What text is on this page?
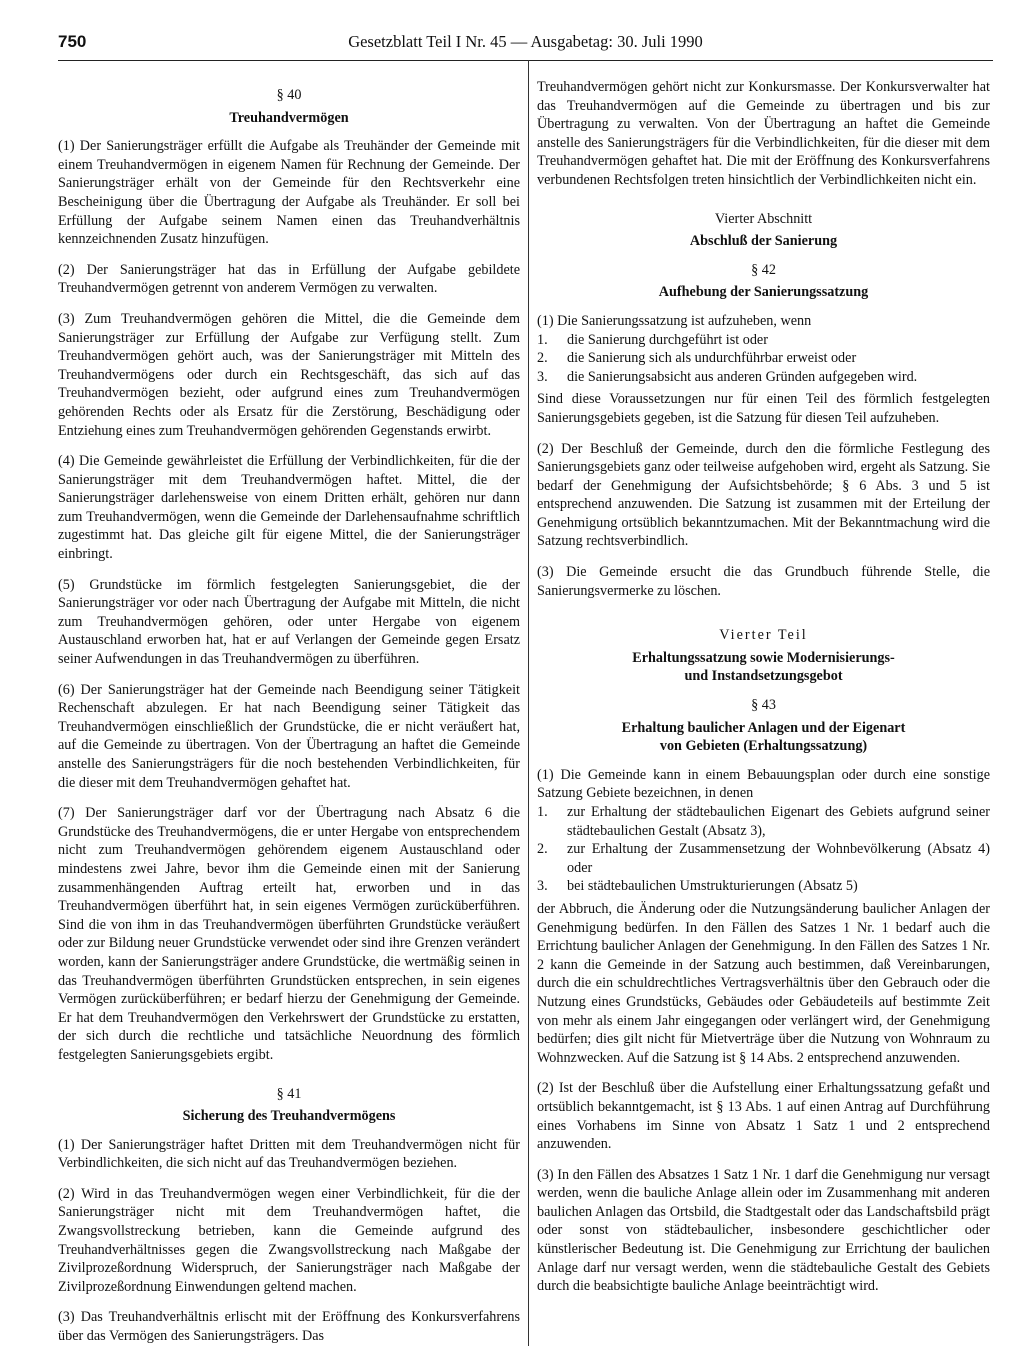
750	Gesetzblatt Teil I Nr. 45 — Ausgabetag: 30. Juli 1990

§ 40

Treuhandvermögen

(1) Der Sanierungsträger erfüllt die Aufgabe als Treuhänder der Gemeinde mit einem Treuhandvermögen in eigenem Namen für Rechnung der Gemeinde. Der Sanierungsträger erhält von der Gemeinde für den Rechtsverkehr eine Bescheinigung über die Übertragung der Aufgabe als Treuhänder. Er soll bei Erfüllung der Aufgabe seinem Namen einen das Treuhandverhältnis kennzeichnenden Zusatz hinzufügen.

(2) Der Sanierungsträger hat das in Erfüllung der Aufgabe gebildete Treuhandvermögen getrennt von anderem Vermögen zu verwalten.

(3) Zum Treuhandvermögen gehören die Mittel, die die Gemeinde dem Sanierungsträger zur Erfüllung der Aufgabe zur Verfügung stellt. Zum Treuhandvermögen gehört auch, was der Sanierungsträger mit Mitteln des Treuhandvermögens oder durch ein Rechtsgeschäft, das sich auf das Treuhandvermögen bezieht, oder aufgrund eines zum Treuhandvermögen gehörenden Rechts oder als Ersatz für die Zerstörung, Beschädigung oder Entziehung eines zum Treuhandvermögen gehörenden Gegenstands erwirbt.

(4) Die Gemeinde gewährleistet die Erfüllung der Verbindlichkeiten, für die der Sanierungsträger mit dem Treuhandvermögen haftet. Mittel, die der Sanierungsträger darlehensweise von einem Dritten erhält, gehören nur dann zum Treuhandvermögen, wenn die Gemeinde der Darlehensaufnahme schriftlich zugestimmt hat. Das gleiche gilt für eigene Mittel, die der Sanierungsträger einbringt.

(5) Grundstücke im förmlich festgelegten Sanierungsgebiet, die der Sanierungsträger vor oder nach Übertragung der Aufgabe mit Mitteln, die nicht zum Treuhandvermögen gehören, oder unter Hergabe von eigenem Austauschland erworben hat, hat er auf Verlangen der Gemeinde gegen Ersatz seiner Aufwendungen in das Treuhandvermögen zu überführen.

(6) Der Sanierungsträger hat der Gemeinde nach Beendigung seiner Tätigkeit Rechenschaft abzulegen. Er hat nach Beendigung seiner Tätigkeit das Treuhandvermögen einschließlich der Grundstücke, die er nicht veräußert hat, auf die Gemeinde zu übertragen. Von der Übertragung an haftet die Gemeinde anstelle des Sanierungsträgers für die noch bestehenden Verbindlichkeiten, für die dieser mit dem Treuhandvermögen gehaftet hat.

(7) Der Sanierungsträger darf vor der Übertragung nach Absatz 6 die Grundstücke des Treuhandvermögens, die er unter Hergabe von entsprechendem nicht zum Treuhandvermögen gehörendem eigenem Austauschland oder mindestens zwei Jahre, bevor ihm die Gemeinde einen mit der Sanierung zusammenhängenden Auftrag erteilt hat, erworben und in das Treuhandvermögen überführt hat, in sein eigenes Vermögen zurücküberführen. Sind die von ihm in das Treuhandvermögen überführten Grundstücke veräußert oder zur Bildung neuer Grundstücke verwendet oder sind ihre Grenzen verändert worden, kann der Sanierungsträger andere Grundstücke, die wertmäßig seinen in das Treuhandvermögen überführten Grundstücken entsprechen, in sein eigenes Vermögen zurücküberführen; er bedarf hierzu der Genehmigung der Gemeinde. Er hat dem Treuhandvermögen den Verkehrswert der Grundstücke zu erstatten, der sich durch die rechtliche und tatsächliche Neuordnung des förmlich festgelegten Sanierungsgebiets ergibt.

§ 41

Sicherung des Treuhandvermögens

(1) Der Sanierungsträger haftet Dritten mit dem Treuhandvermögen nicht für Verbindlichkeiten, die sich nicht auf das Treuhandvermögen beziehen.

(2) Wird in das Treuhandvermögen wegen einer Verbindlichkeit, für die der Sanierungsträger nicht mit dem Treuhandvermögen haftet, die Zwangsvollstreckung betrieben, kann die Gemeinde aufgrund des Treuhandverhältnisses gegen die Zwangsvollstreckung nach Maßgabe der Zivilprozeßordnung Widerspruch, der Sanierungsträger nach Maßgabe der Zivilprozeßordnung Einwendungen geltend machen.

(3) Das Treuhandverhältnis erlischt mit der Eröffnung des Konkursverfahrens über das Vermögen des Sanierungsträgers. Das

Treuhandvermögen gehört nicht zur Konkursmasse. Der Konkursverwalter hat das Treuhandvermögen auf die Gemeinde zu übertragen und bis zur Übertragung zu verwalten. Von der Übertragung an haftet die Gemeinde anstelle des Sanierungsträgers für die Verbindlichkeiten, für die dieser mit dem Treuhandvermögen gehaftet hat. Die mit der Eröffnung des Konkursverfahrens verbundenen Rechtsfolgen treten hinsichtlich der Verbindlichkeiten nicht ein.

Vierter Abschnitt

Abschluß der Sanierung

§ 42

Aufhebung der Sanierungssatzung

(1) Die Sanierungssatzung ist aufzuheben, wenn

1.	die Sanierung durchgeführt ist oder
2.	die Sanierung sich als undurchführbar erweist oder
3.	die Sanierungsabsicht aus anderen Gründen aufgegeben wird.

Sind diese Voraussetzungen nur für einen Teil des förmlich festgelegten Sanierungsgebiets gegeben, ist die Satzung für diesen Teil aufzuheben.

(2) Der Beschluß der Gemeinde, durch den die förmliche Festlegung des Sanierungsgebiets ganz oder teilweise aufgehoben wird, ergeht als Satzung. Sie bedarf der Genehmigung der Aufsichtsbehörde; § 6 Abs. 3 und 5 ist entsprechend anzuwenden. Die Satzung ist zusammen mit der Erteilung der Genehmigung ortsüblich bekanntzumachen. Mit der Bekanntmachung wird die Satzung rechtsverbindlich.

(3) Die Gemeinde ersucht die das Grundbuch führende Stelle, die Sanierungsvermerke zu löschen.

Vierter Teil

Erhaltungssatzung sowie Modernisierungs-

und Instandsetzungsgebot

§ 43

Erhaltung baulicher Anlagen und der Eigenart

von Gebieten (Erhaltungssatzung)

(1) Die Gemeinde kann in einem Bebauungsplan oder durch eine sonstige Satzung Gebiete bezeichnen, in denen

1.	zur Erhaltung der städtebaulichen Eigenart des Gebiets aufgrund seiner städtebaulichen Gestalt (Absatz 3),
2.	zur Erhaltung der Zusammensetzung der Wohnbevölkerung (Absatz 4) oder
3.	bei städtebaulichen Umstrukturierungen (Absatz 5)

der Abbruch, die Änderung oder die Nutzungsänderung baulicher Anlagen der Genehmigung bedürfen. In den Fällen des Satzes 1 Nr. 1 bedarf auch die Errichtung baulicher Anlagen der Genehmigung. In den Fällen des Satzes 1 Nr. 2 kann die Gemeinde in der Satzung auch bestimmen, daß Vereinbarungen, durch die ein schuldrechtliches Vertragsverhältnis über den Gebrauch oder die Nutzung eines Grundstücks, Gebäudes oder Gebäudeteils auf bestimmte Zeit von mehr als einem Jahr eingegangen oder verlängert wird, der Genehmigung bedürfen; dies gilt nicht für Mietverträge über die Nutzung von Wohnraum zu Wohnzwecken. Auf die Satzung ist § 14 Abs. 2 entsprechend anzuwenden.

(2) Ist der Beschluß über die Aufstellung einer Erhaltungssatzung gefaßt und ortsüblich bekanntgemacht, ist § 13 Abs. 1 auf einen Antrag auf Durchführung eines Vorhabens im Sinne von Absatz 1 Satz 1 und 2 entsprechend anzuwenden.

(3) In den Fällen des Absatzes 1 Satz 1 Nr. 1 darf die Genehmigung nur versagt werden, wenn die bauliche Anlage allein oder im Zusammenhang mit anderen baulichen Anlagen das Ortsbild, die Stadtgestalt oder das Landschaftsbild prägt oder sonst von städtebaulicher, insbesondere geschichtlicher oder künstlerischer Bedeutung ist. Die Genehmigung zur Errichtung der baulichen Anlage darf nur versagt werden, wenn die städtebauliche Gestalt des Gebiets durch die beabsichtigte bauliche Anlage beeinträchtigt wird.
